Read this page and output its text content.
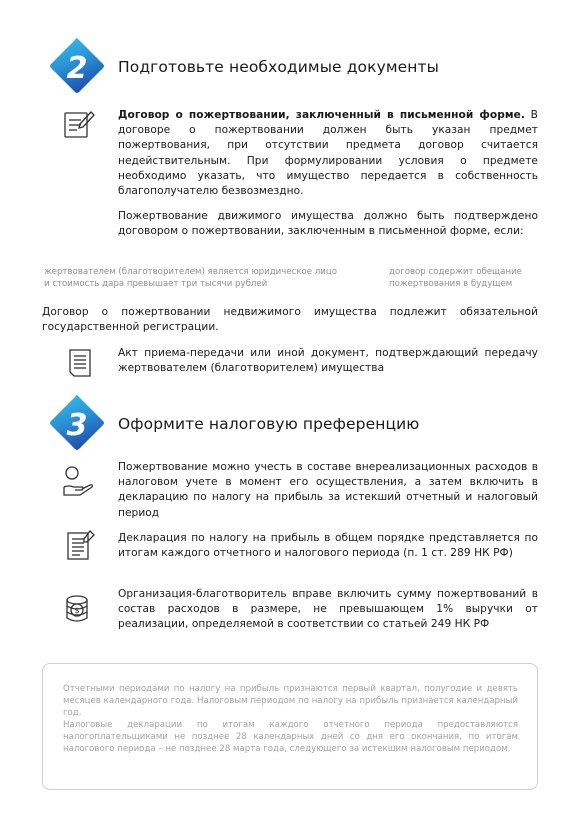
2 Подготовьте необходимые документы
Договор о пожертвовании, заключенный в письменной форме. В договоре о пожертвовании должен быть указан предмет пожертвования, при отсутствии предмета договор считается недействительным. При формулировании условия о предмете необходимо указать, что имущество передается в собственность благополучателю безвозмездно.
Пожертвование движимого имущества должно быть подтверждено договором о пожертвовании, заключенным в письменной форме, если:
жертвователем (благотворителем) является юридическое лицо и стоимость дара превышает три тысячи рублей
договор содержит обещание пожертвования в будущем
Договор о пожертвовании недвижимого имущества подлежит обязательной государственной регистрации.
Акт приема-передачи или иной документ, подтверждающий передачу жертвователем (благотворителем) имущества
3 Оформите налоговую преференцию
Пожертвование можно учесть в составе внереализационных расходов в налоговом учете в момент его осуществления, а затем включить в декларацию по налогу на прибыль за истекший отчетный и налоговый период
Декларация по налогу на прибыль в общем порядке представляется по итогам каждого отчетного и налогового периода (п. 1 ст. 289 НК РФ)
$
Организация-благотворитель вправе включить сумму пожертвований в состав расходов в размере, не превышающем 1% выручки от реализации, определяемой в соответствии со статьей 249 НК РФ

Отчетными периодами по налогу на прибыль признаются первый квартал, полугодие и девять месяцев календарного года. Налоговым периодом по налогу на прибыль признается календарный год.

Налоговые декларации по итогам каждого отчетного периода предоставляются налогоплательщиками не позднее 28 календарных дней со дня его окончания, по итогам налогового периода – не позднее 28 марта года, следующего за истекшим налоговым периодом.
